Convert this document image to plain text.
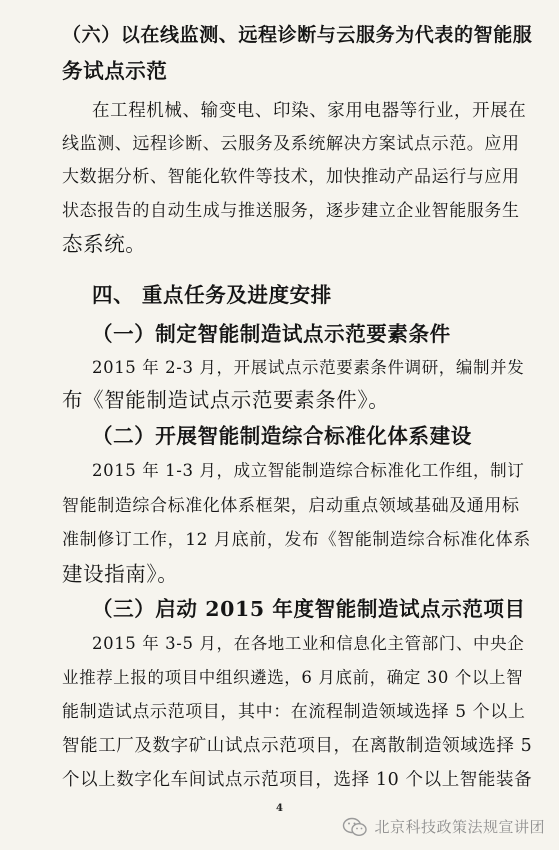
（六）以在线监测、远程诊断与云服务为代表的智能服
务试点示范
在工程机械、输变电、印染、家用电器等行业，开展在
线监测、远程诊断、云服务及系统解决方案试点示范。应用
大数据分析、智能化软件等技术，加快推动产品运行与应用
状态报告的自动生成与推送服务，逐步建立企业智能服务生
态系统。
四、 重点任务及进度安排
（一）制定智能制造试点示范要素条件
2015 年 2-3 月，开展试点示范要素条件调研，编制并发
布《智能制造试点示范要素条件》。
（二）开展智能制造综合标准化体系建设
2015 年 1-3 月，成立智能制造综合标准化工作组，制订
智能制造综合标准化体系框架，启动重点领域基础及通用标
准制修订工作，12 月底前，发布《智能制造综合标准化体系
建设指南》。
（三）启动 2015 年度智能制造试点示范项目
2015 年 3-5 月，在各地工业和信息化主管部门、中央企
业推荐上报的项目中组织遴选，6 月底前，确定 30 个以上智
能制造试点示范项目，其中：在流程制造领域选择 5 个以上
智能工厂及数字矿山试点示范项目，在离散制造领域选择 5
个以上数字化车间试点示范项目，选择 10 个以上智能装备
4
北京科技政策法规宣讲团
